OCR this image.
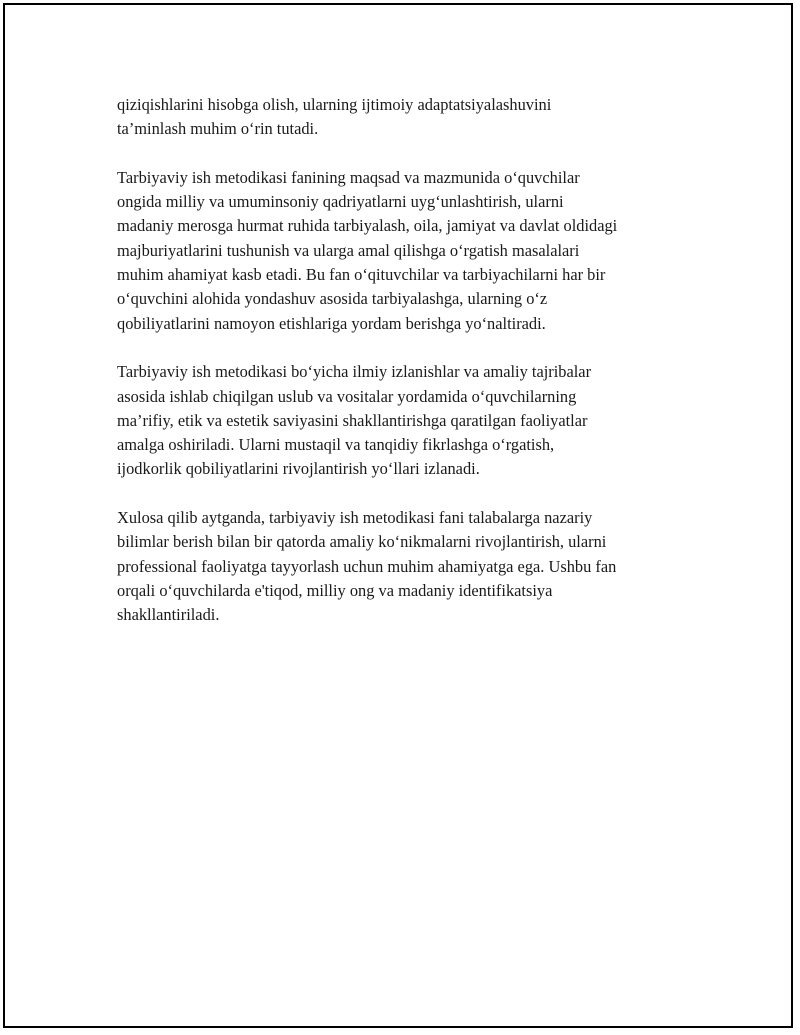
qiziqishlarini hisobga olish, ularning ijtimoiy adaptatsiyalashuvini
ta’minlash muhim o‘rin tutadi.

Tarbiyaviy ish metodikasi fanining maqsad va mazmunida o‘quvchilar
ongida milliy va umuminsoniy qadriyatlarni uyg‘unlashtirish, ularni
madaniy merosga hurmat ruhida tarbiyalash, oila, jamiyat va davlat oldidagi
majburiyatlarini tushunish va ularga amal qilishga o‘rgatish masalalari
muhim ahamiyat kasb etadi. Bu fan o‘qituvchilar va tarbiyachilarni har bir
o‘quvchini alohida yondashuv asosida tarbiyalashga, ularning o‘z
qobiliyatlarini namoyon etishlariga yordam berishga yo‘naltiradi.

Tarbiyaviy ish metodikasi bo‘yicha ilmiy izlanishlar va amaliy tajribalar
asosida ishlab chiqilgan uslub va vositalar yordamida o‘quvchilarning
ma’rifiy, etik va estetik saviyasini shakllantirishga qaratilgan faoliyatlar
amalga oshiriladi. Ularni mustaqil va tanqidiy fikrlashga o‘rgatish,
ijodkorlik qobiliyatlarini rivojlantirish yo‘llari izlanadi.

Xulosa qilib aytganda, tarbiyaviy ish metodikasi fani talabalarga nazariy
bilimlar berish bilan bir qatorda amaliy ko‘nikmalarni rivojlantirish, ularni
professional faoliyatga tayyorlash uchun muhim ahamiyatga ega. Ushbu fan
orqali o‘quvchilarda e'tiqod, milliy ong va madaniy identifikatsiya
shakllantiriladi.
